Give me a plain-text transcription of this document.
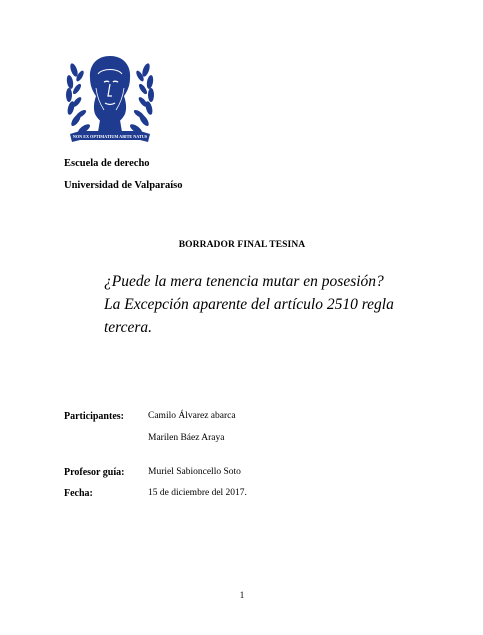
NON EX OPTIMATIUM ABITE NATUS
Escuela de derecho
Universidad de Valparaíso
BORRADOR FINAL TESINA
¿Puede la mera tenencia mutar en posesión?
La Excepción aparente del artículo 2510 regla
tercera.
Participantes:	Camilo Álvarez abarca
Marilen Báez Araya
Profesor guía: Muriel Sabioncello Soto
Fecha:	15 de diciembre del 2017.
1
